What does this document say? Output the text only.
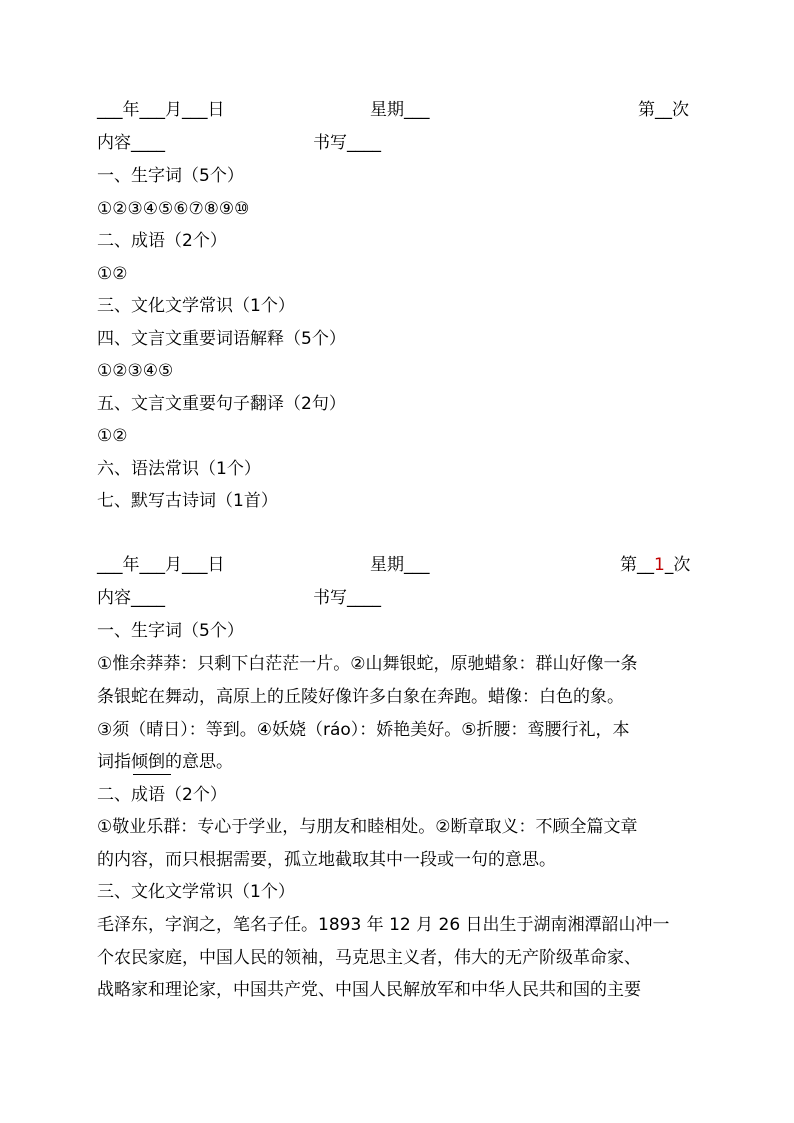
___年___月___日	星期___	第__次
内容____	书写____
一、生字词（5个）
①②③④⑤⑥⑦⑧⑨⑩
二、成语（2个）
①②
三、文化文学常识（1个）
四、文言文重要词语解释（5个）
①②③④⑤
五、文言文重要句子翻译（2句）
①②
六、语法常识（1个）
七、默写古诗词（1首）
___年___月___日	星期___	第__1_次
内容____	书写____
一、生字词（5个）
①惟余莽莽：只剩下白茫茫一片。②山舞银蛇，原驰蜡象：群山好像一条
条银蛇在舞动，高原上的丘陵好像许多白象在奔跑。蜡像：白色的象。
③须（晴日）：等到。④妖娆（ráo）：娇艳美好。⑤折腰：鸾腰行礼，本
词指倾倒的意思。
二、成语（2个）
①敬业乐群：专心于学业，与朋友和睦相处。②断章取义：不顾全篇文章
的内容，而只根据需要，孤立地截取其中一段或一句的意思。
三、文化文学常识（1个）
毛泽东，字润之，笔名子任。1893 年 12 月 26 日出生于湖南湘潭韶山冲一
个农民家庭，中国人民的领袖，马克思主义者，伟大的无产阶级革命家、
战略家和理论家，中国共产党、中国人民解放军和中华人民共和国的主要
